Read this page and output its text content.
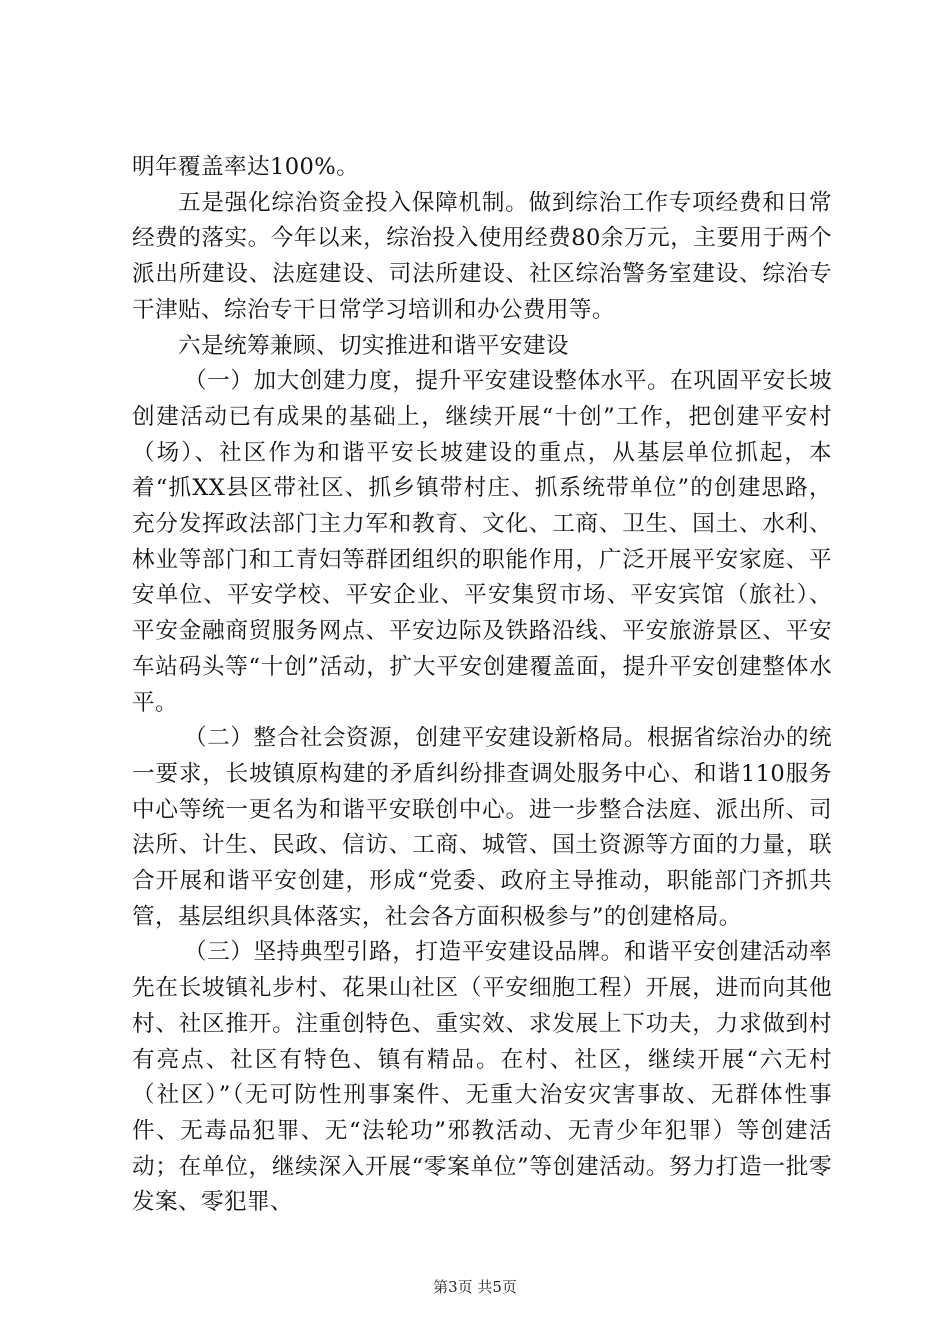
明年覆盖率达100%。

五是强化综治资金投入保障机制。做到综治工作专项经费和日常经费的落实。今年以来，综治投入使用经费80余万元，主要用于两个派出所建设、法庭建设、司法所建设、社区综治警务室建设、综治专干津贴、综治专干日常学习培训和办公费用等。

六是统筹兼顾、切实推进和谐平安建设

（一）加大创建力度，提升平安建设整体水平。在巩固平安长坡创建活动已有成果的基础上，继续开展“十创”工作，把创建平安村（场）、社区作为和谐平安长坡建设的重点，从基层单位抓起，本着“抓XX县区带社区、抓乡镇带村庄、抓系统带单位”的创建思路，充分发挥政法部门主力军和教育、文化、工商、卫生、国土、水利、林业等部门和工青妇等群团组织的职能作用，广泛开展平安家庭、平安单位、平安学校、平安企业、平安集贸市场、平安宾馆（旅社）、平安金融商贸服务网点、平安边际及铁路沿线、平安旅游景区、平安车站码头等“十创”活动，扩大平安创建覆盖面，提升平安创建整体水平。

（二）整合社会资源，创建平安建设新格局。根据省综治办的统一要求，长坡镇原构建的矛盾纠纷排查调处服务中心、和谐110服务中心等统一更名为和谐平安联创中心。进一步整合法庭、派出所、司法所、计生、民政、信访、工商、城管、国土资源等方面的力量，联合开展和谐平安创建，形成“党委、政府主导推动，职能部门齐抓共管，基层组织具体落实，社会各方面积极参与”的创建格局。

（三）坚持典型引路，打造平安建设品牌。和谐平安创建活动率先在长坡镇礼步村、花果山社区（平安细胞工程）开展，进而向其他村、社区推开。注重创特色、重实效、求发展上下功夫，力求做到村有亮点、社区有特色、镇有精品。在村、社区，继续开展“六无村（社区）”（无可防性刑事案件、无重大治安灾害事故、无群体性事件、无毒品犯罪、无“法轮功”邪教活动、无青少年犯罪）等创建活动；在单位，继续深入开展“零案单位”等创建活动。努力打造一批零发案、零犯罪、

第3页 共5页
